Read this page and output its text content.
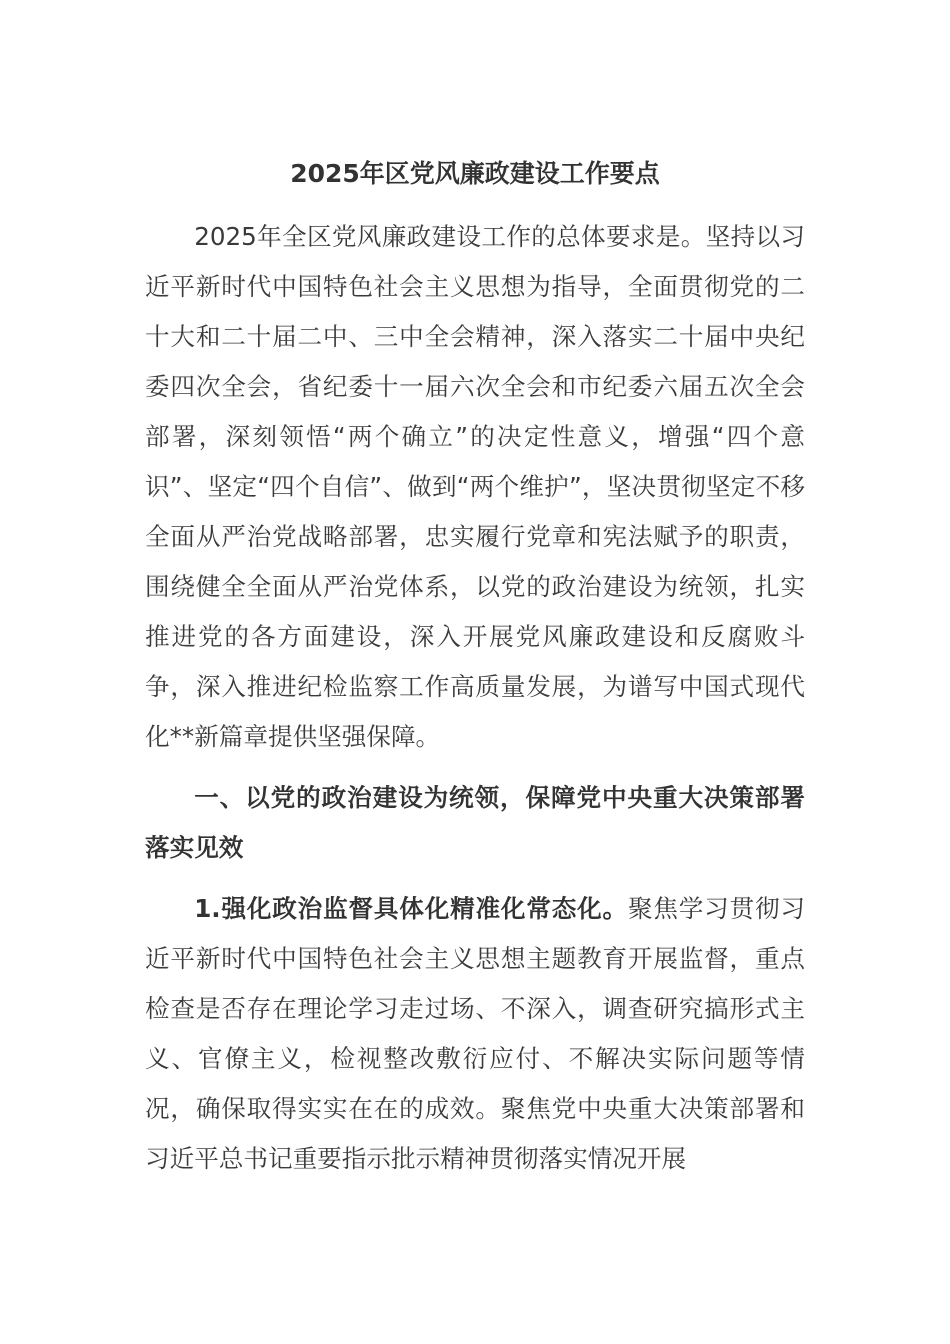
2025年区党风廉政建设工作要点

2025年全区党风廉政建设工作的总体要求是。坚持以习近平新时代中国特色社会主义思想为指导，全面贯彻党的二十大和二十届二中、三中全会精神，深入落实二十届中央纪委四次全会，省纪委十一届六次全会和市纪委六届五次全会部署，深刻领悟“两个确立”的决定性意义，增强“四个意识”、坚定“四个自信”、做到“两个维护”，坚决贯彻坚定不移全面从严治党战略部署，忠实履行党章和宪法赋予的职责，围绕健全全面从严治党体系，以党的政治建设为统领，扎实推进党的各方面建设，深入开展党风廉政建设和反腐败斗争，深入推进纪检监察工作高质量发展，为谱写中国式现代化**新篇章提供坚强保障。

一、以党的政治建设为统领，保障党中央重大决策部署落实见效

1.强化政治监督具体化精准化常态化。聚焦学习贯彻习近平新时代中国特色社会主义思想主题教育开展监督，重点检查是否存在理论学习走过场、不深入，调查研究搞形式主义、官僚主义，检视整改敷衍应付、不解决实际问题等情况，确保取得实实在在的成效。聚焦党中央重大决策部署和习近平总书记重要指示批示精神贯彻落实情况开展
